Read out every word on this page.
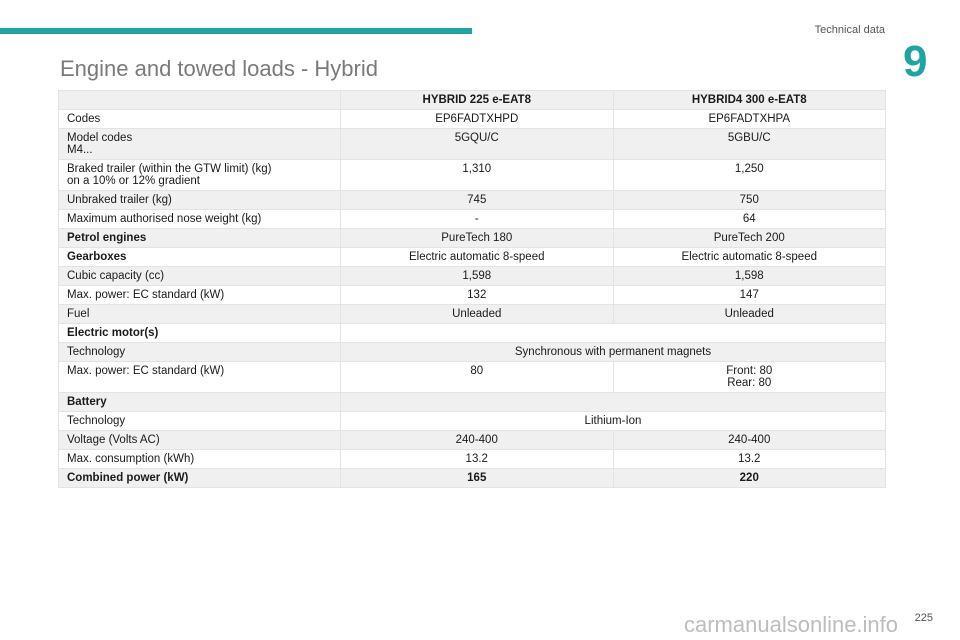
Technical data
9
Engine and towed loads - Hybrid
	HYBRID 225 e-EAT8	HYBRID4 300 e-EAT8
Codes	EP6FADTXHPD	EP6FADTXHPA

Model codes
M4...	5GQU/C	5GBU/C

Braked trailer (within the GTW limit) (kg)
on a 10% or 12% gradient	1,310	1,250
Unbraked trailer (kg)	745	750
Maximum authorised nose weight (kg)	-	64
Petrol engines	PureTech 180	PureTech 200
Gearboxes	Electric automatic 8-speed	Electric automatic 8-speed
Cubic capacity (cc)	1,598	1,598
Max. power: EC standard (kW)	132	147
Fuel	Unleaded	Unleaded
Electric motor(s)		
Technology	Synchronous with permanent magnets	
Max. power: EC standard (kW)	80	Front: 80
Rear: 80

Battery		
Technology	Lithium-Ion	
Voltage (Volts AC)	240-400	240-400
Max. consumption (kWh)	13.2	13.2
Combined power (kW)	165	220
225
carmanualsonline.info
